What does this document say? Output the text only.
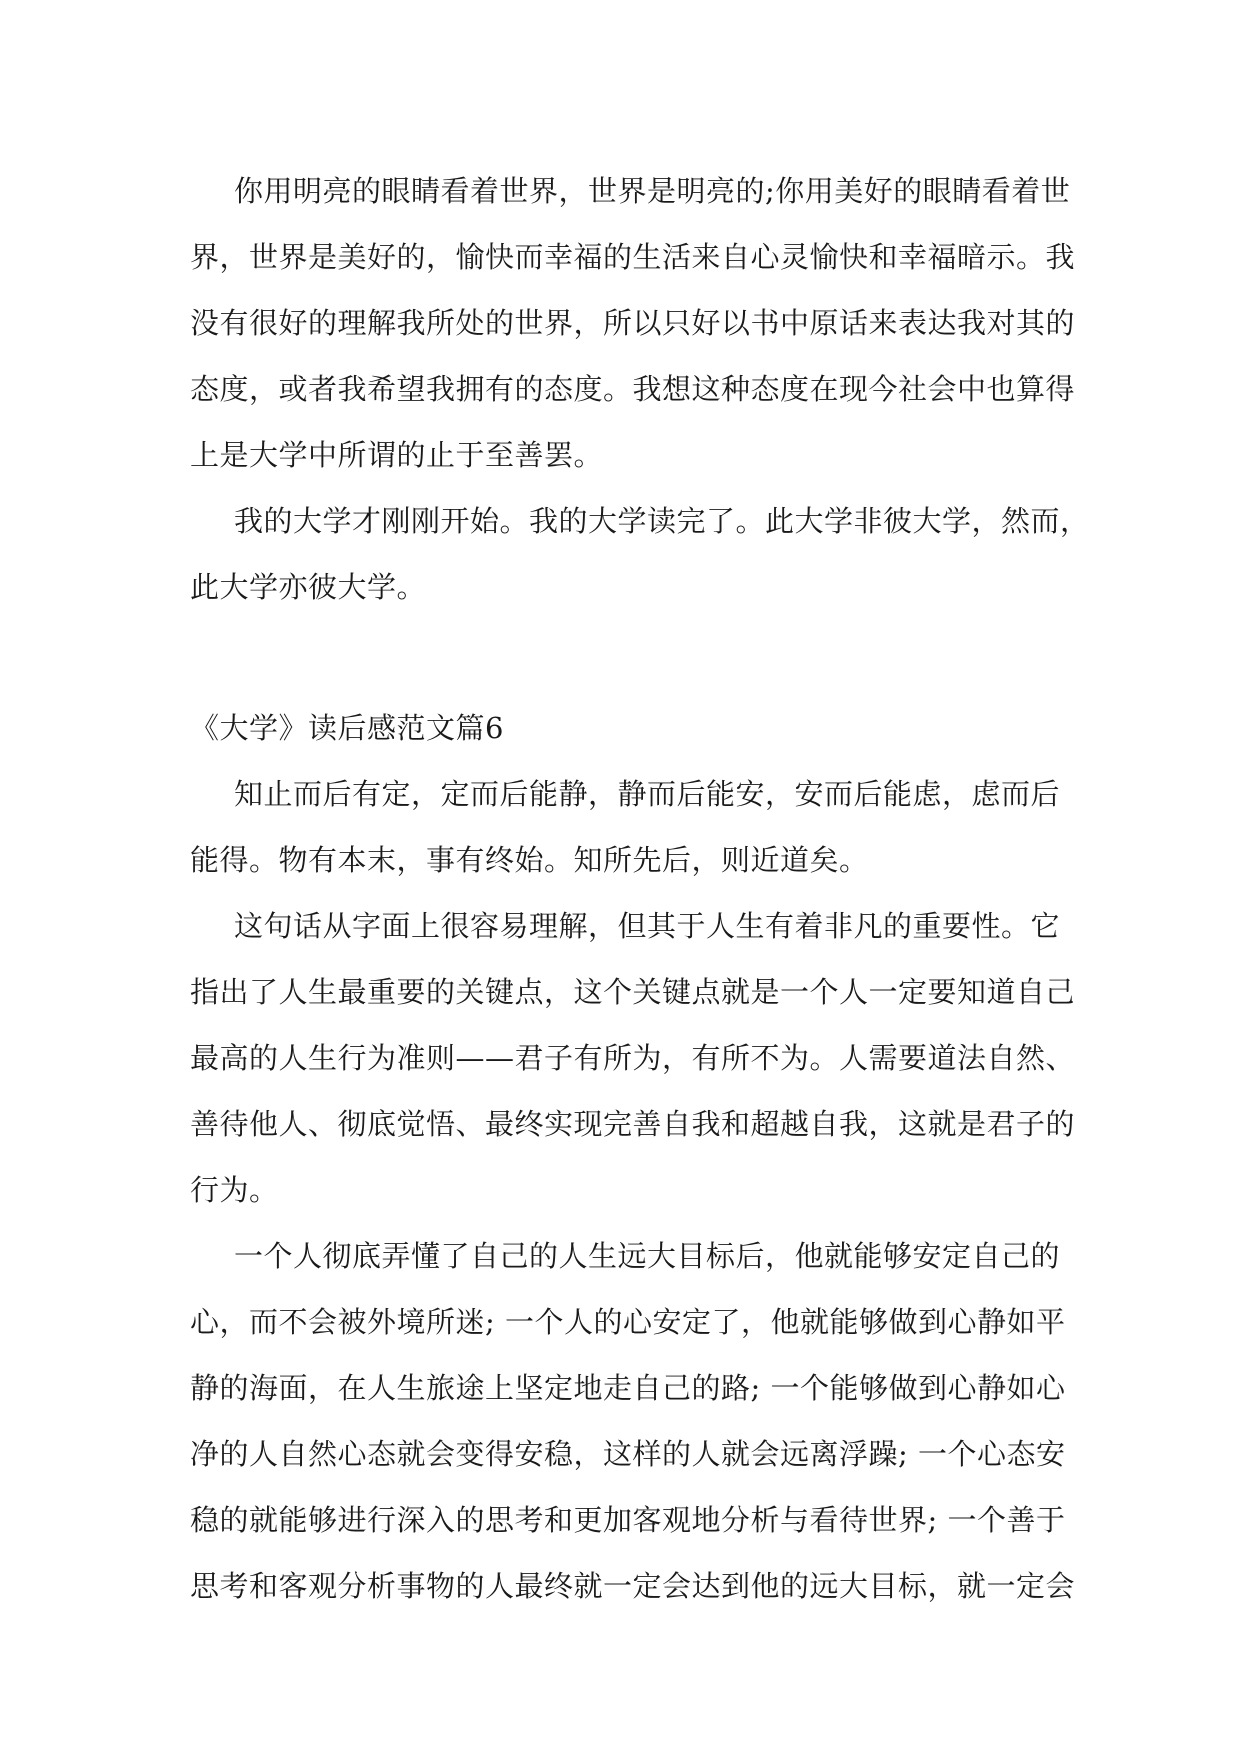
你用明亮的眼睛看着世界，世界是明亮的;你用美好的眼睛看着世
界，世界是美好的，愉快而幸福的生活来自心灵愉快和幸福暗示。我
没有很好的理解我所处的世界，所以只好以书中原话来表达我对其的
态度，或者我希望我拥有的态度。我想这种态度在现今社会中也算得
上是大学中所谓的止于至善罢。
我的大学才刚刚开始。我的大学读完了。此大学非彼大学，然而，
此大学亦彼大学。
《大学》读后感范文篇6
知止而后有定，定而后能静，静而后能安，安而后能虑，虑而后
能得。物有本末，事有终始。知所先后，则近道矣。
这句话从字面上很容易理解，但其于人生有着非凡的重要性。它
指出了人生最重要的关键点，这个关键点就是一个人一定要知道自己
最高的人生行为准则——君子有所为，有所不为。人需要道法自然、
善待他人、彻底觉悟、最终实现完善自我和超越自我，这就是君子的
行为。
一个人彻底弄懂了自己的人生远大目标后，他就能够安定自己的
心，而不会被外境所迷; 一个人的心安定了，他就能够做到心静如平
静的海面，在人生旅途上坚定地走自己的路; 一个能够做到心静如心
净的人自然心态就会变得安稳，这样的人就会远离浮躁; 一个心态安
稳的就能够进行深入的思考和更加客观地分析与看待世界; 一个善于
思考和客观分析事物的人最终就一定会达到他的远大目标，就一定会
